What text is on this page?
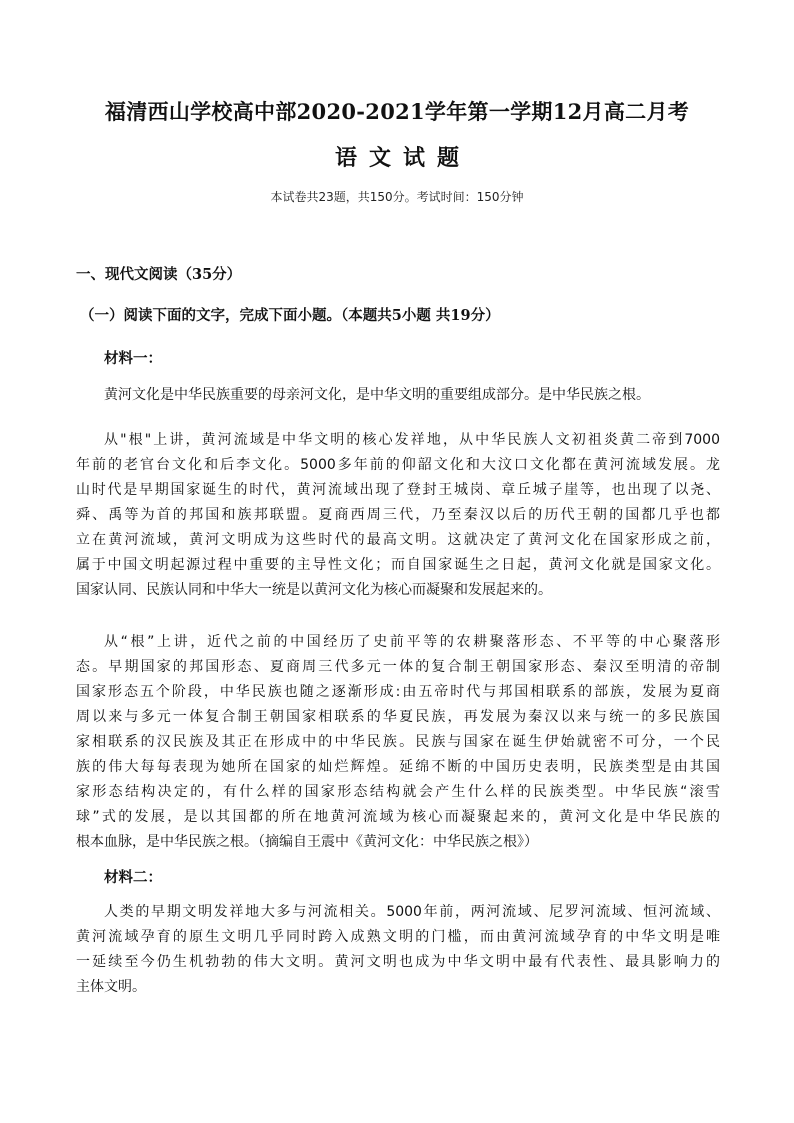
福清西山学校高中部2020-2021学年第一学期12月高二月考
语文试题
本试卷共23题，共150分。考试时间：150分钟
一、现代文阅读（35分）
（一）阅读下面的文字，完成下面小题。（本题共5小题 共19分）
材料一：
黄河文化是中华民族重要的母亲河文化，是中华文明的重要组成部分。是中华民族之根。
从"根"上讲，黄河流域是中华文明的核心发祥地，从中华民族人文初祖炎黄二帝到7000
年前的老官台文化和后李文化。5000多年前的仰韶文化和大汶口文化都在黄河流域发展。龙
山时代是早期国家诞生的时代，黄河流域出现了登封王城岗、章丘城子崖等，也出现了以尧、
舜、禹等为首的邦国和族邦联盟。夏商西周三代，乃至秦汉以后的历代王朝的国都几乎也都
立在黄河流域，黄河文明成为这些时代的最高文明。这就决定了黄河文化在国家形成之前，
属于中国文明起源过程中重要的主导性文化；而自国家诞生之日起，黄河文化就是国家文化。
国家认同、民族认同和中华大一统是以黄河文化为核心而凝聚和发展起来的。
从“根”上讲，近代之前的中国经历了史前平等的农耕聚落形态、不平等的中心聚落形
态。早期国家的邦国形态、夏商周三代多元一体的复合制王朝国家形态、秦汉至明清的帝制
国家形态五个阶段，中华民族也随之逐渐形成:由五帝时代与邦国相联系的部族，发展为夏商
周以来与多元一体复合制王朝国家相联系的华夏民族，再发展为秦汉以来与统一的多民族国
家相联系的汉民族及其正在形成中的中华民族。民族与国家在诞生伊始就密不可分，一个民
族的伟大每每表现为她所在国家的灿烂辉煌。延绵不断的中国历史表明，民族类型是由其国
家形态结构决定的，有什么样的国家形态结构就会产生什么样的民族类型。中华民族“滚雪
球”式的发展，是以其国都的所在地黄河流域为核心而凝聚起来的，黄河文化是中华民族的
根本血脉，是中华民族之根。（摘编自王震中《黄河文化：中华民族之根》）
材料二：
人类的早期文明发祥地大多与河流相关。5000年前，两河流域、尼罗河流域、恒河流域、
黄河流域孕育的原生文明几乎同时跨入成熟文明的门槛，而由黄河流域孕育的中华文明是唯
一延续至今仍生机勃勃的伟大文明。黄河文明也成为中华文明中最有代表性、最具影响力的
主体文明。
